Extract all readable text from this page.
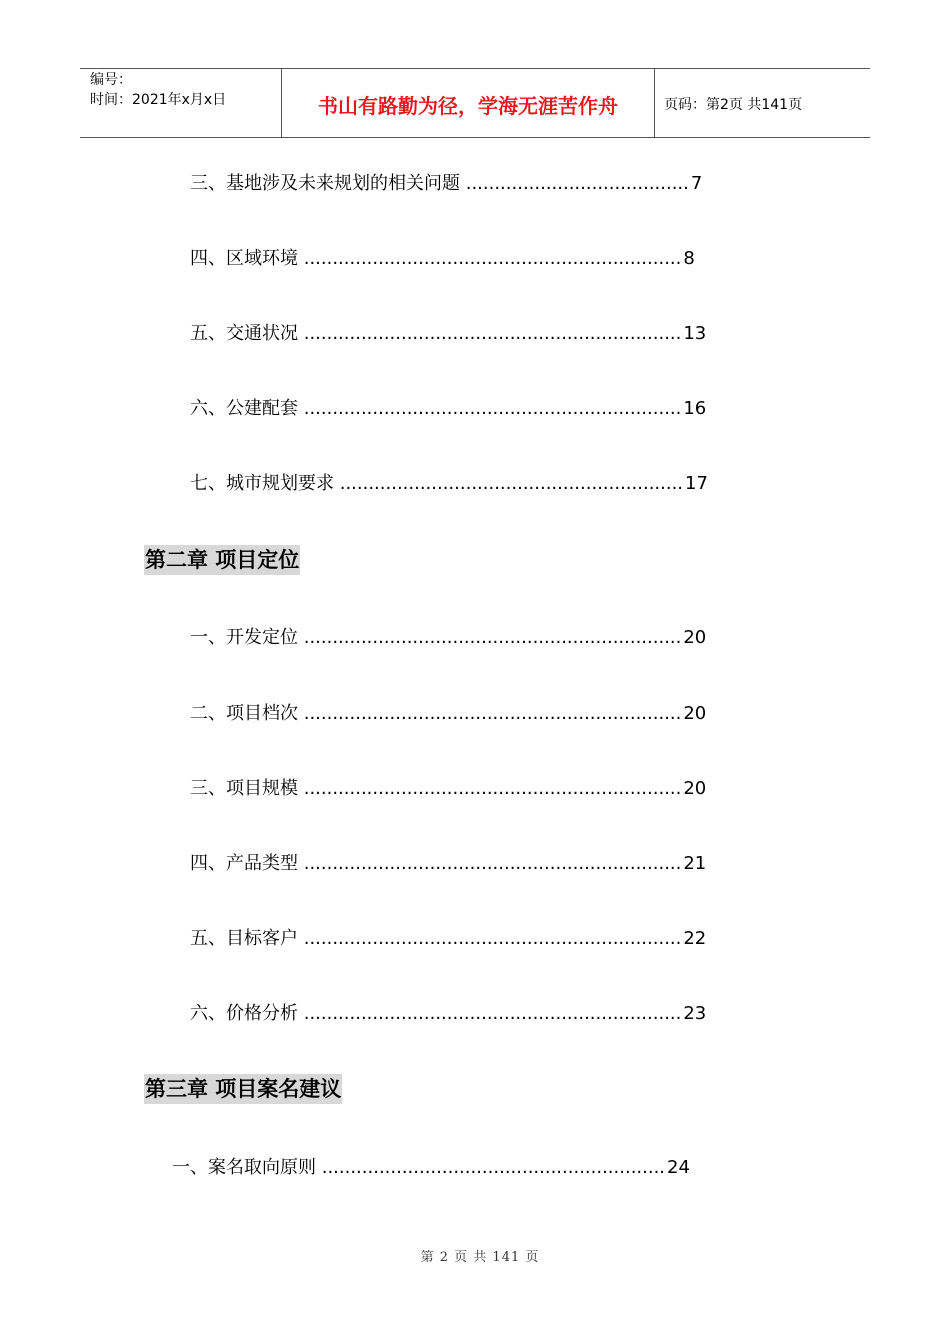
编号：
时间：2021年x月x日	书山有路勤为径，学海无涯苦作舟	页码：第2页 共141页
三、基地涉及未来规划的相关问题 ....................................... 7
四、区域环境 .................................................................. 8
五、交通状况 .................................................................. 13
六、公建配套 .................................................................. 16
七、城市规划要求 ............................................................ 17
第二章 项目定位
一、开发定位 .................................................................. 20
二、项目档次 .................................................................. 20
三、项目规模 .................................................................. 20
四、产品类型 .................................................................. 21
五、目标客户 .................................................................. 22
六、价格分析 .................................................................. 23
第三章 项目案名建议
一、案名取向原则 ............................................................ 24
第 2 页 共 141 页
